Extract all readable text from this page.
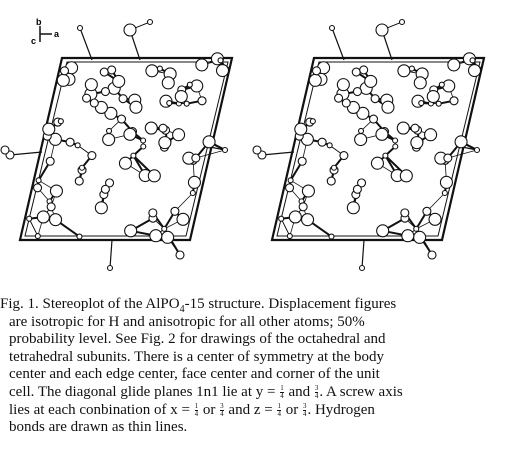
b
a
c
Fig. 1. Stereoplot of the AlPO$_4$-15 structure. Displacement figures
are isotropic for H and anisotropic for all other atoms; 50%
probability level. See Fig. 2 for drawings of the octahedral and
tetrahedral subunits. There is a center of symmetry at the body
center and each edge center, face center and corner of the unit
cell. The diagonal glide planes 1n1 lie at $y = \frac{1}{4}$ and $\frac{3}{4}$ . A screw axis
lies at each conbination of $x = \frac{1}{4}$ or $\frac{3}{4}$ and $z = \frac{1}{4}$ or $\frac{3}{4}$ . Hydrogen
bonds are drawn as thin lines.
